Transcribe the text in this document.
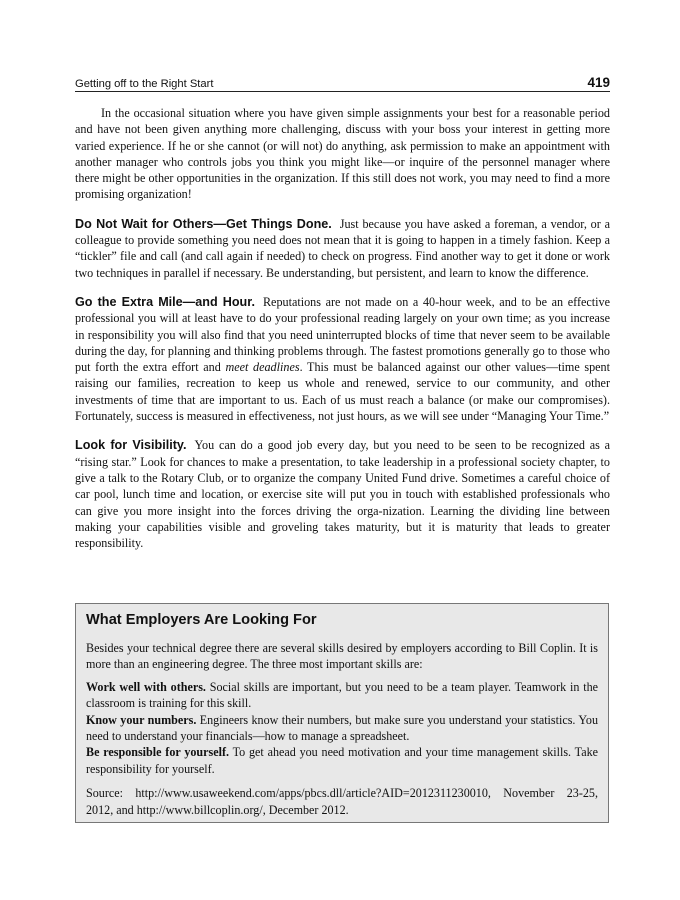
Getting off to the Right Start	419

In the occasional situation where you have given simple assignments your best for a reasonable period and have not been given anything more challenging, discuss with your boss your interest in getting more varied experience. If he or she cannot (or will not) do anything, ask permission to make an appointment with another manager who controls jobs you think you might like—or inquire of the personnel manager where there might be other opportunities in the organization. If this still does not work, you may need to find a more promising organization!

Do Not Wait for Others—Get Things Done. Just because you have asked a foreman, a vendor, or a colleague to provide something you need does not mean that it is going to happen in a timely fashion. Keep a “tickler” file and call (and call again if needed) to check on progress. Find another way to get it done or work two techniques in parallel if necessary. Be understanding, but persistent, and learn to know the difference.

Go the Extra Mile—and Hour. Reputations are not made on a 40-hour week, and to be an effective professional you will at least have to do your professional reading largely on your own time; as you increase in responsibility you will also find that you need uninterrupted blocks of time that never seem to be available during the day, for planning and thinking problems through. The fastest promotions generally go to those who put forth the extra effort and meet deadlines. This must be balanced against our other values—time spent raising our families, recreation to keep us whole and renewed, service to our community, and other investments of time that are important to us. Each of us must reach a balance (or make our compromises). Fortunately, success is measured in effectiveness, not just hours, as we will see under “Managing Your Time.”

Look for Visibility. You can do a good job every day, but you need to be seen to be recognized as a “rising star.” Look for chances to make a presentation, to take leadership in a professional society chapter, to give a talk to the Rotary Club, or to organize the company United Fund drive. Sometimes a careful choice of car pool, lunch time and location, or exercise site will put you in touch with established professionals who can give you more insight into the forces driving the orga-nization. Learning the dividing line between making your capabilities visible and groveling takes maturity, but it is maturity that leads to greater responsibility.

What Employers Are Looking For

Besides your technical degree there are several skills desired by employers according to Bill Coplin. It is more than an engineering degree. The three most important skills are:

Work well with others. Social skills are important, but you need to be a team player. Teamwork in the classroom is training for this skill.

Know your numbers. Engineers know their numbers, but make sure you understand your statistics. You need to understand your financials—how to manage a spreadsheet.

Be responsible for yourself. To get ahead you need motivation and your time management skills. Take responsibility for yourself.

Source: http://www.usaweekend.com/apps/pbcs.dll/article?AID=2012311230010, November 23-25, 2012, and http://www.billcoplin.org/, December 2012.
